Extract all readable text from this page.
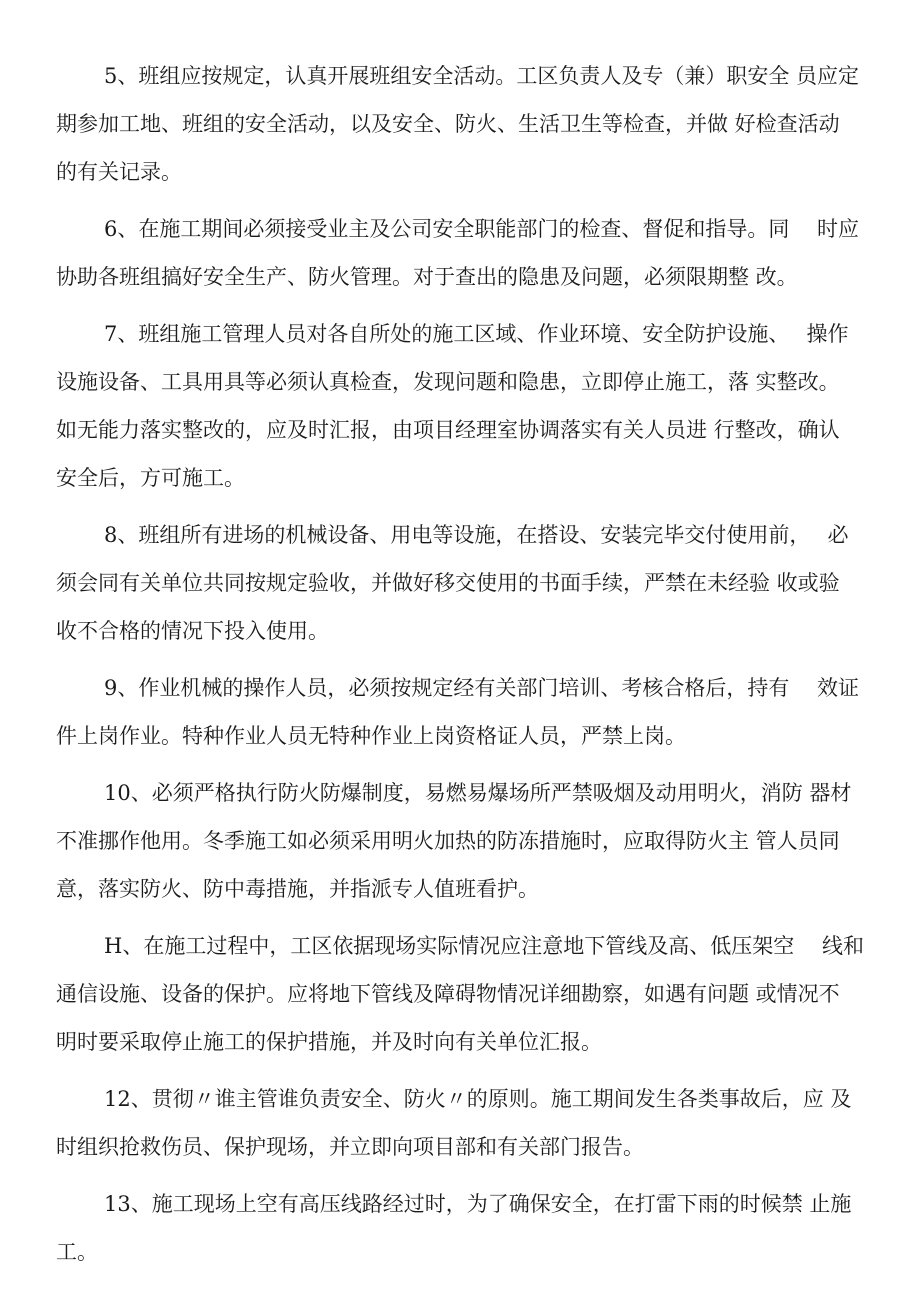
5、班组应按规定，认真开展班组安全活动。工区负责人及专（兼）职安全 员应定
期参加工地、班组的安全活动，以及安全、防火、生活卫生等检查，并做 好检查活动
的有关记录。
6、在施工期间必须接受业主及公司安全职能部门的检查、督促和指导。同　 时应
协助各班组搞好安全生产、防火管理。对于查出的隐患及问题，必须限期整 改。
7、班组施工管理人员对各自所处的施工区域、作业环境、安全防护设施、　 操作
设施设备、工具用具等必须认真检查，发现问题和隐患，立即停止施工，落 实整改。
如无能力落实整改的，应及时汇报，由项目经理室协调落实有关人员进 行整改，确认
安全后，方可施工。
8、班组所有进场的机械设备、用电等设施，在搭设、安装完毕交付使用前，　 必
须会同有关单位共同按规定验收，并做好移交使用的书面手续，严禁在未经验 收或验
收不合格的情况下投入使用。
9、作业机械的操作人员，必须按规定经有关部门培训、考核合格后，持有　 效证
件上岗作业。特种作业人员无特种作业上岗资格证人员，严禁上岗。
10、必须严格执行防火防爆制度，易燃易爆场所严禁吸烟及动用明火，消防 器材
不准挪作他用。冬季施工如必须采用明火加热的防冻措施时，应取得防火主 管人员同
意，落实防火、防中毒措施，并指派专人值班看护。
H、在施工过程中，工区依据现场实际情况应注意地下管线及高、低压架空　 线和
通信设施、设备的保护。应将地下管线及障碍物情况详细勘察，如遇有问题 或情况不
明时要采取停止施工的保护措施，并及时向有关单位汇报。
12、贯彻〃谁主管谁负责安全、防火〃的原则。施工期间发生各类事故后，应 及
时组织抢救伤员、保护现场，并立即向项目部和有关部门报告。
13、施工现场上空有高压线路经过时，为了确保安全，在打雷下雨的时候禁 止施
工。
